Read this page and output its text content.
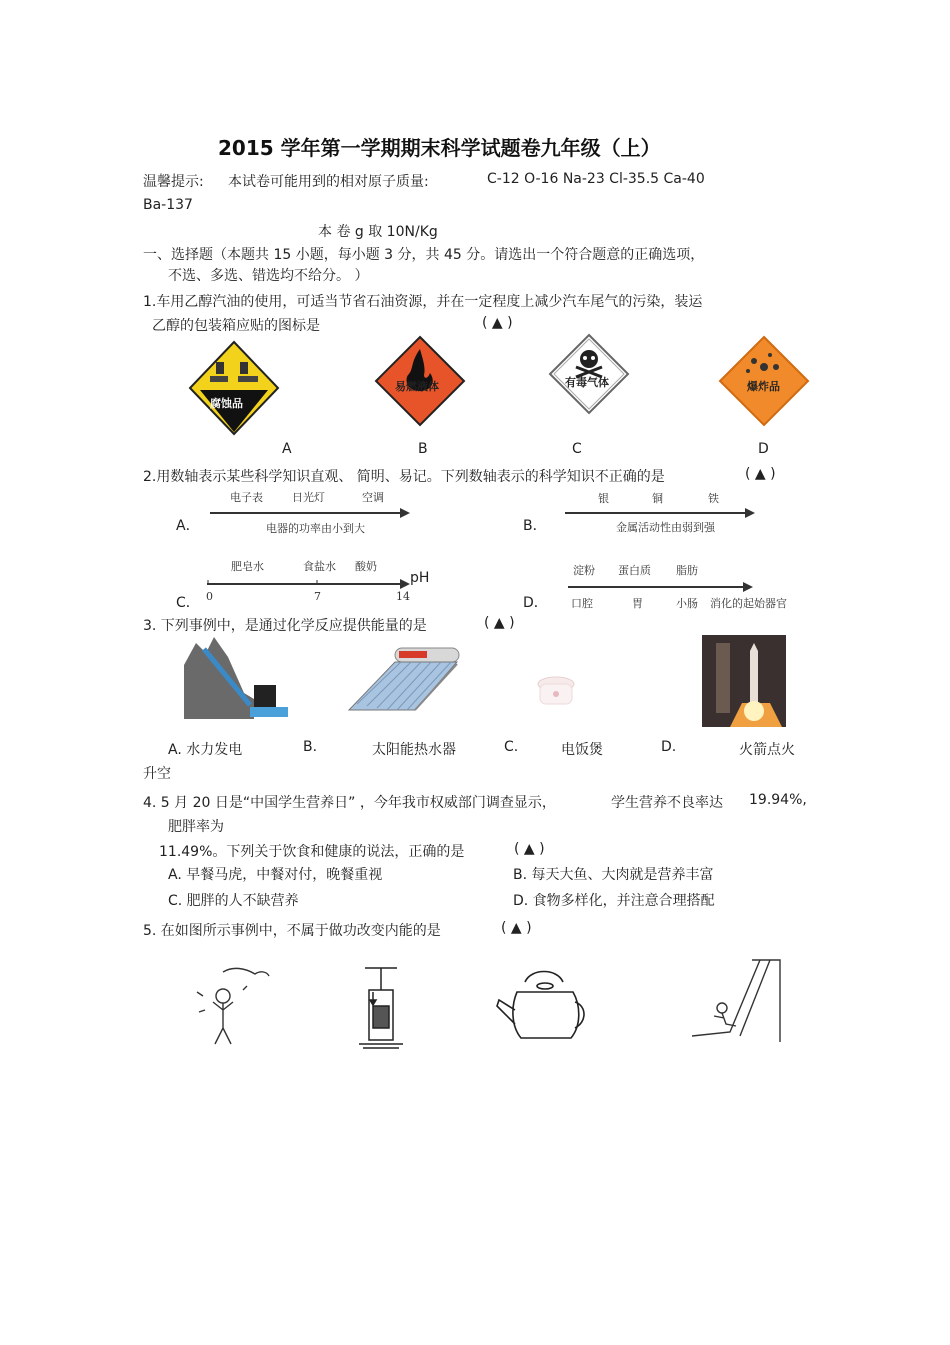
2015 学年第一学期期末科学试题卷九年级（上）
温馨提示: 本试卷可能用到的相对原子质量:	C-12 O-16 Na-23 Cl-35.5 Ca-40
Ba-137
本 卷 g 取 10N/Kg
一、选择题（本题共 15 小题，每小题 3 分，共 45 分。请选出一个符合题意的正确选项，
不选、多选、错选均不给分。 ）
1.车用乙醇汽油的使用，可适当节省石油资源，并在一定程度上减少汽车尾气的污染，装运
乙醇的包装箱应贴的图标是	( ▲ )
腐蚀品
易燃液体	有毒气体	爆炸品
A	B	C	D
2.用数轴表示某些科学知识直观、 简明、易记。下列数轴表示的科学知识不正确的是	( ▲ )
A．
电子表	日光灯	空调
电器的功率由小到大	B．
银	铜	铁
金属活动性由弱到强
C．
肥皂水	食盐水 酸奶
0	7	14
pH
D．
淀粉 蛋白质 脂肪
口腔	胃	小肠 消化的起始器官
3. 下列事例中，是通过化学反应提供能量的是	( ▲ )
A. 水力发电	B.	太阳能热水器	C.	电饭煲	D.	火箭点火
升空
4. 5 月 20 日是“中国学生营养日” ，今年我市权威部门调查显示，	学生营养不良率达 19.94%,
肥胖率为
11.49%。下列关于饮食和健康的说法，正确的是	( ▲ )
A. 早餐马虎，中餐对付，晚餐重视	B. 每天大鱼、大肉就是营养丰富
C. 肥胖的人不缺营养	D. 食物多样化，并注意合理搭配
5. 在如图所示事例中，不属于做功改变内能的是	( ▲ )
